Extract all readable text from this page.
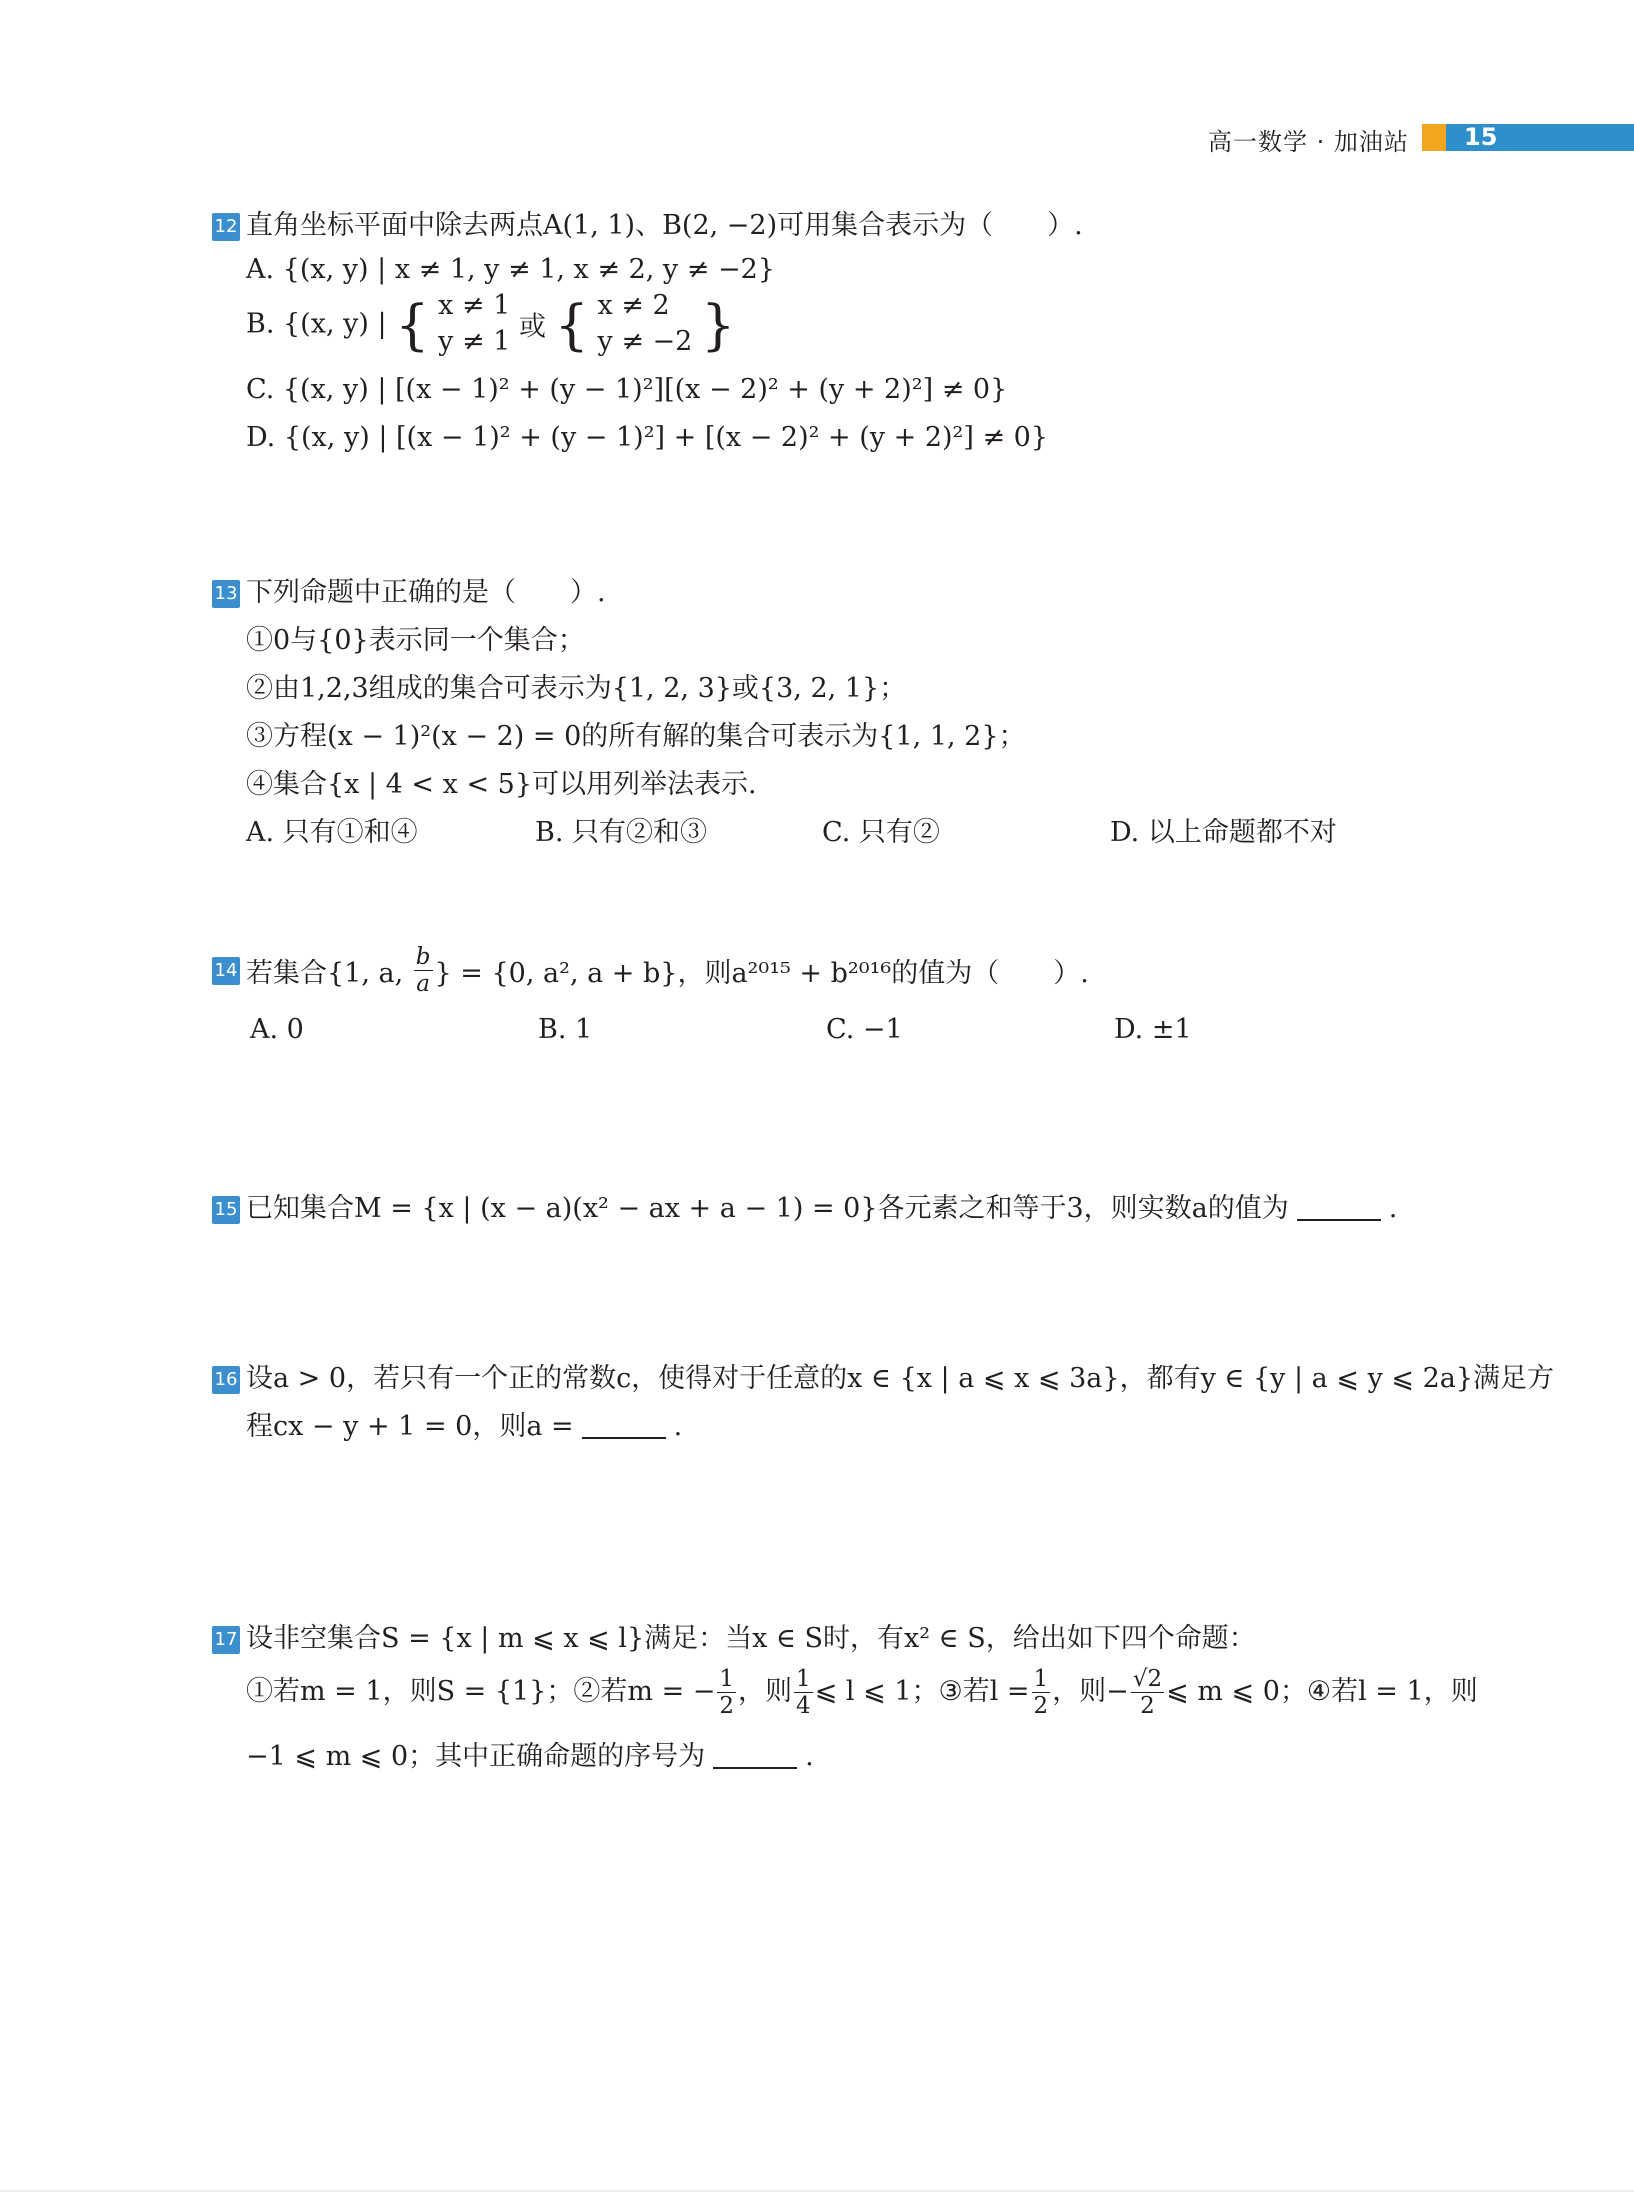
高一数学 · 加油站	15
12 直角坐标平面中除去两点A(1, 1)、B(2, −2)可用集合表示为（　　）.
A. {(x, y) | x ≠ 1, y ≠ 1, x ≠ 2, y ≠ −2}
B. {(x, y) | { x ≠ 1
y ≠ 1 或 { x ≠ 2
y ≠ −2 }
C. {(x, y) | [(x − 1)² + (y − 1)²][(x − 2)² + (y + 2)²] ≠ 0}
D. {(x, y) | [(x − 1)² + (y − 1)²] + [(x − 2)² + (y + 2)²] ≠ 0}
13 下列命题中正确的是（　　）.
①0与{0}表示同一个集合；
②由1,2,3组成的集合可表示为{1, 2, 3}或{3, 2, 1}；
③方程(x − 1)²(x − 2) = 0的所有解的集合可表示为{1, 1, 2}；
④集合{x | 4 < x < 5}可以用列举法表示.
A. 只有①和④	B. 只有②和③	C. 只有②	D. 以上命题都不对
14 若集合{1, a, $\frac{b}{a}$ } = {0, a², a + b}，则a²⁰¹⁵ + b²⁰¹⁶的值为（　　）.
A. 0	B. 1	C. −1	D. ±1
15 已知集合M = {x | (x − a)(x² − ax + a − 1) = 0}各元素之和等于3，则实数a的值为	.
16 设a > 0，若只有一个正的常数c，使得对于任意的x ∈ {x | a ⩽ x ⩽ 3a}，都有y ∈ {y | a ⩽ y ⩽ 2a}满足方
程cx − y + 1 = 0，则a =	.
17 设非空集合S = {x | m ⩽ x ⩽ l}满足：当x ∈ S时，有x² ∈ S，给出如下四个命题：
①若m = 1，则S = {1}；②若m = − $\frac{1}{2}$ ，则 $\frac{1}{4}$ ⩽ l ⩽ 1；③若$l = \frac{1}{2}$ ，则− $\frac{√2}{2}$ ⩽ m ⩽ 0；④若l = 1，则
−1 ⩽ m ⩽ 0；其中正确命题的序号为	.
